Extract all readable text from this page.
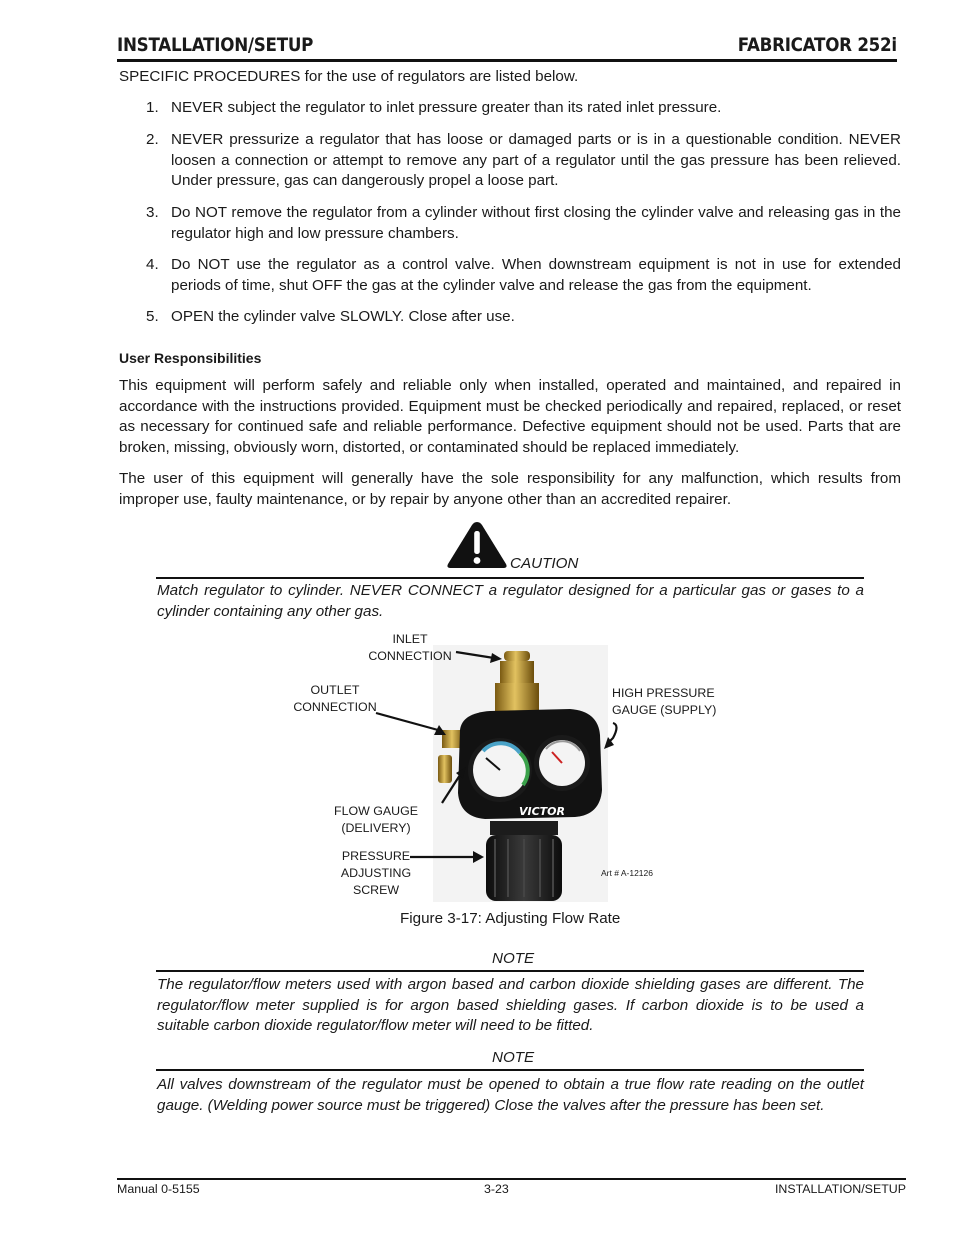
INSTALLATION/SETUP	FABRICATOR 252i

SPECIFIC PROCEDURES for the use of regulators are listed below.

1. NEVER subject the regulator to inlet pressure greater than its rated inlet pressure.
2. NEVER pressurize a regulator that has loose or damaged parts or is in a questionable condition. NEVER loosen a connection or attempt to remove any part of a regulator until the gas pressure has been relieved. Under pressure, gas can dangerously propel a loose part.
3. Do NOT remove the regulator from a cylinder without first closing the cylinder valve and releasing gas in the regulator high and low pressure chambers.
4. Do NOT use the regulator as a control valve. When downstream equipment is not in use for extended periods of time, shut OFF the gas at the cylinder valve and release the gas from the equipment.
5. OPEN the cylinder valve SLOWLY. Close after use.
User Responsibilities

This equipment will perform safely and reliable only when installed, operated and maintained, and repaired in accordance with the instructions provided. Equipment must be checked periodically and repaired, replaced, or reset as necessary for continued safe and reliable performance. Defective equipment should not be used. Parts that are broken, missing, obviously worn, distorted, or contaminated should be replaced immediately.

The user of this equipment will generally have the sole responsibility for any malfunction, which results from improper use, faulty maintenance, or by repair by anyone other than an accredited repairer.

CAUTION

Match regulator to cylinder. NEVER CONNECT a regulator designed for a particular gas or gases to a cylinder containing any other gas.

VICTOR
INLET
CONNECTION
OUTLET
CONNECTION
HIGH PRESSURE
GAUGE (SUPPLY)
FLOW GAUGE (DELIVERY)
PRESSURE
ADJUSTING
SCREW
Art # A-12126
Figure 3-17: Adjusting Flow Rate
NOTE

The regulator/flow meters used with argon based and carbon dioxide shielding gases are different. The regulator/flow meter supplied is for argon based shielding gases. If carbon dioxide is to be used a suitable carbon dioxide regulator/flow meter will need to be fitted.

NOTE

All valves downstream of the regulator must be opened to obtain a true flow rate reading on the outlet gauge. (Welding power source must be triggered) Close the valves after the pressure has been set.

Manual 0-5155	3-23	INSTALLATION/SETUP
